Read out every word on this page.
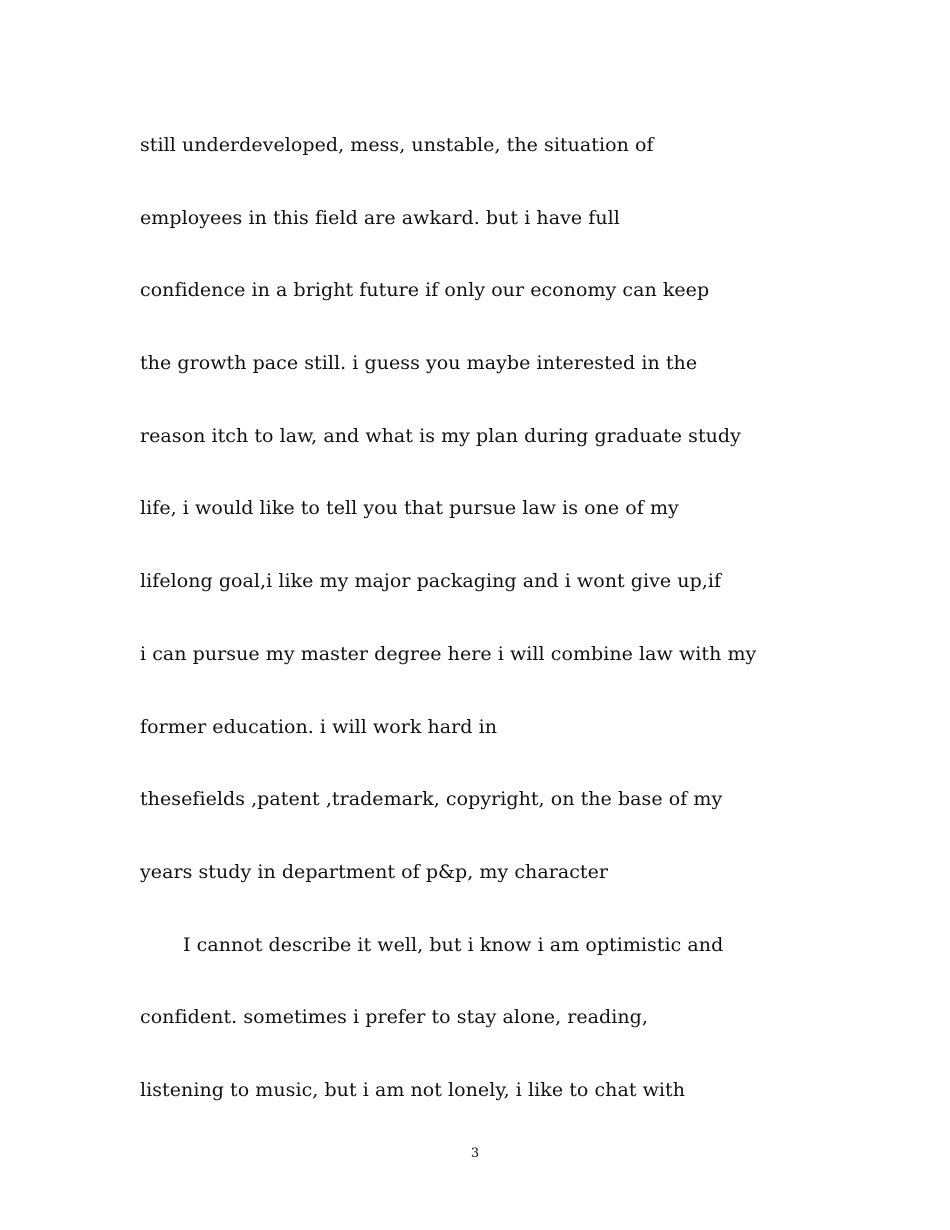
still underdeveloped, mess, unstable, the situation of
employees in this field are awkard. but i have full
confidence in a bright future if only our economy can keep
the growth pace still. i guess you maybe interested in the
reason itch to law, and what is my plan during graduate study
life, i would like to tell you that pursue law is one of my
lifelong goal,i like my major packaging and i wont give up,if
i can pursue my master degree here i will combine law with my
former education. i will work hard in
thesefields ,patent ,trademark, copyright, on the base of my
years study in department of p&p, my character
I cannot describe it well, but i know i am optimistic and
confident. sometimes i prefer to stay alone, reading,
listening to music, but i am not lonely, i like to chat with
3
